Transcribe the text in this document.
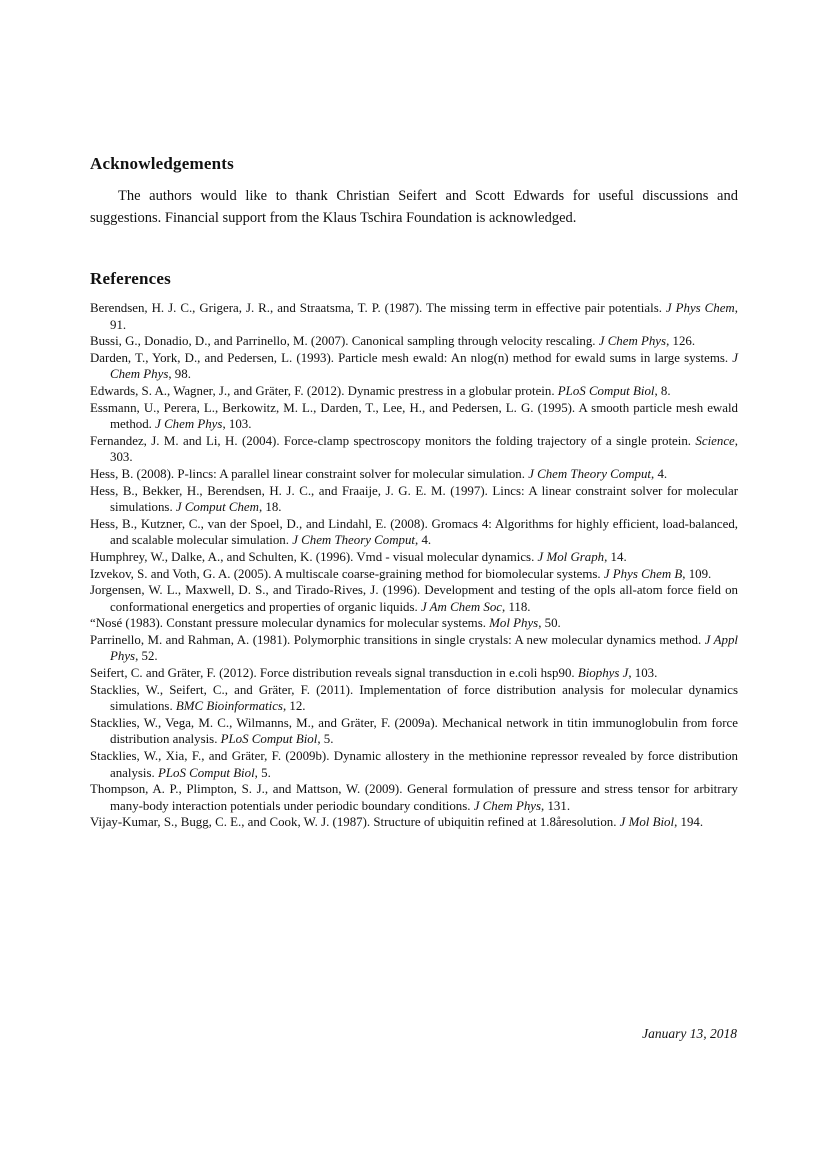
Acknowledgements

The authors would like to thank Christian Seifert and Scott Edwards for useful discussions and suggestions. Financial support from the Klaus Tschira Foundation is acknowledged.

References

Berendsen, H. J. C., Grigera, J. R., and Straatsma, T. P. (1987). The missing term in effective pair potentials. J Phys Chem, 91.

Bussi, G., Donadio, D., and Parrinello, M. (2007). Canonical sampling through velocity rescaling. J Chem Phys, 126.

Darden, T., York, D., and Pedersen, L. (1993). Particle mesh ewald: An nlog(n) method for ewald sums in large systems. J Chem Phys, 98.

Edwards, S. A., Wagner, J., and Gräter, F. (2012). Dynamic prestress in a globular protein. PLoS Comput Biol, 8.

Essmann, U., Perera, L., Berkowitz, M. L., Darden, T., Lee, H., and Pedersen, L. G. (1995). A smooth particle mesh ewald method. J Chem Phys, 103.

Fernandez, J. M. and Li, H. (2004). Force-clamp spectroscopy monitors the folding trajectory of a single protein. Science, 303.

Hess, B. (2008). P-lincs: A parallel linear constraint solver for molecular simulation. J Chem Theory Comput, 4.

Hess, B., Bekker, H., Berendsen, H. J. C., and Fraaije, J. G. E. M. (1997). Lincs: A linear constraint solver for molecular simulations. J Comput Chem, 18.

Hess, B., Kutzner, C., van der Spoel, D., and Lindahl, E. (2008). Gromacs 4: Algorithms for highly efficient, load-balanced, and scalable molecular simulation. J Chem Theory Comput, 4.

Humphrey, W., Dalke, A., and Schulten, K. (1996). Vmd - visual molecular dynamics. J Mol Graph, 14.

Izvekov, S. and Voth, G. A. (2005). A multiscale coarse-graining method for biomolecular systems. J Phys Chem B, 109.

Jorgensen, W. L., Maxwell, D. S., and Tirado-Rives, J. (1996). Development and testing of the opls all-atom force field on conformational energetics and properties of organic liquids. J Am Chem Soc, 118.

“Nosé (1983). Constant pressure molecular dynamics for molecular systems. Mol Phys, 50.

Parrinello, M. and Rahman, A. (1981). Polymorphic transitions in single crystals: A new molecular dynamics method. J Appl Phys, 52.

Seifert, C. and Gräter, F. (2012). Force distribution reveals signal transduction in e.coli hsp90. Biophys J, 103.

Stacklies, W., Seifert, C., and Gräter, F. (2011). Implementation of force distribution analysis for molecular dynamics simulations. BMC Bioinformatics, 12.

Stacklies, W., Vega, M. C., Wilmanns, M., and Gräter, F. (2009a). Mechanical network in titin immunoglobulin from force distribution analysis. PLoS Comput Biol, 5.

Stacklies, W., Xia, F., and Gräter, F. (2009b). Dynamic allostery in the methionine repressor revealed by force distribution analysis. PLoS Comput Biol, 5.

Thompson, A. P., Plimpton, S. J., and Mattson, W. (2009). General formulation of pressure and stress tensor for arbitrary many-body interaction potentials under periodic boundary conditions. J Chem Phys, 131.

Vijay-Kumar, S., Bugg, C. E., and Cook, W. J. (1987). Structure of ubiquitin refined at 1.8åresolution. J Mol Biol, 194.

January 13, 2018
